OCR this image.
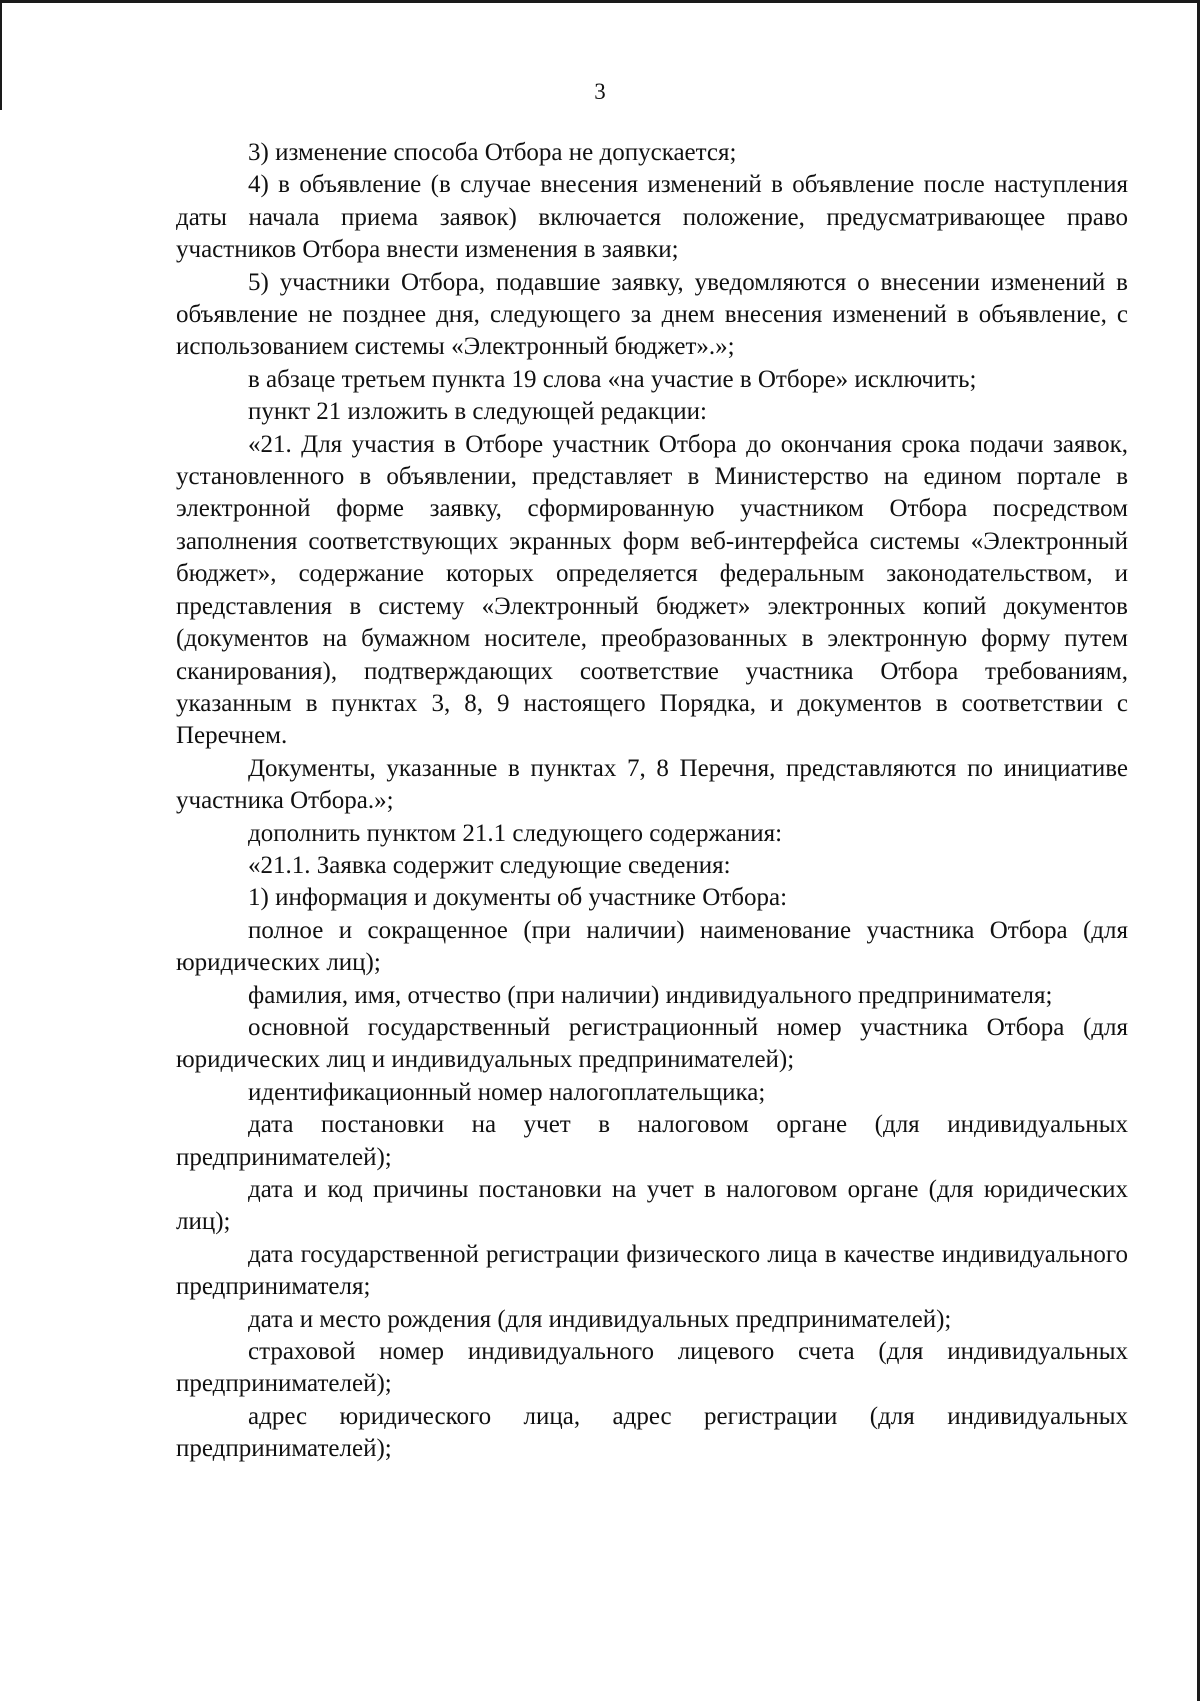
3

3) изменение способа Отбора не допускается;

4) в объявление (в случае внесения изменений в объявление после наступления даты начала приема заявок) включается положение, предусматривающее право участников Отбора внести изменения в заявки;

5) участники Отбора, подавшие заявку, уведомляются о внесении изменений в объявление не позднее дня, следующего за днем внесения изменений в объявление, с использованием системы «Электронный бюджет».»;

в абзаце третьем пункта 19 слова «на участие в Отборе» исключить;

пункт 21 изложить в следующей редакции:

«21. Для участия в Отборе участник Отбора до окончания срока подачи заявок, установленного в объявлении, представляет в Министерство на едином портале в электронной форме заявку, сформированную участником Отбора посредством заполнения соответствующих экранных форм веб-интерфейса системы «Электронный бюджет», содержание которых определяется федеральным законодательством, и представления в систему «Электронный бюджет» электронных копий документов (документов на бумажном носителе, преобразованных в электронную форму путем сканирования), подтверждающих соответствие участника Отбора требованиям, указанным в пунктах 3, 8, 9 настоящего Порядка, и документов в соответствии с Перечнем.

Документы, указанные в пунктах 7, 8 Перечня, представляются по инициативе участника Отбора.»;

дополнить пунктом 21.1 следующего содержания:

«21.1. Заявка содержит следующие сведения:

1) информация и документы об участнике Отбора:

полное и сокращенное (при наличии) наименование участника Отбора (для юридических лиц);

фамилия, имя, отчество (при наличии) индивидуального предпринимателя;

основной государственный регистрационный номер участника Отбора (для юридических лиц и индивидуальных предпринимателей);

идентификационный номер налогоплательщика;

дата постановки на учет в налоговом органе (для индивидуальных предпринимателей);

дата и код причины постановки на учет в налоговом органе (для юридических лиц);

дата государственной регистрации физического лица в качестве индивидуального предпринимателя;

дата и место рождения (для индивидуальных предпринимателей);

страховой номер индивидуального лицевого счета (для индивидуальных предпринимателей);

адрес юридического лица, адрес регистрации (для индивидуальных предпринимателей);
